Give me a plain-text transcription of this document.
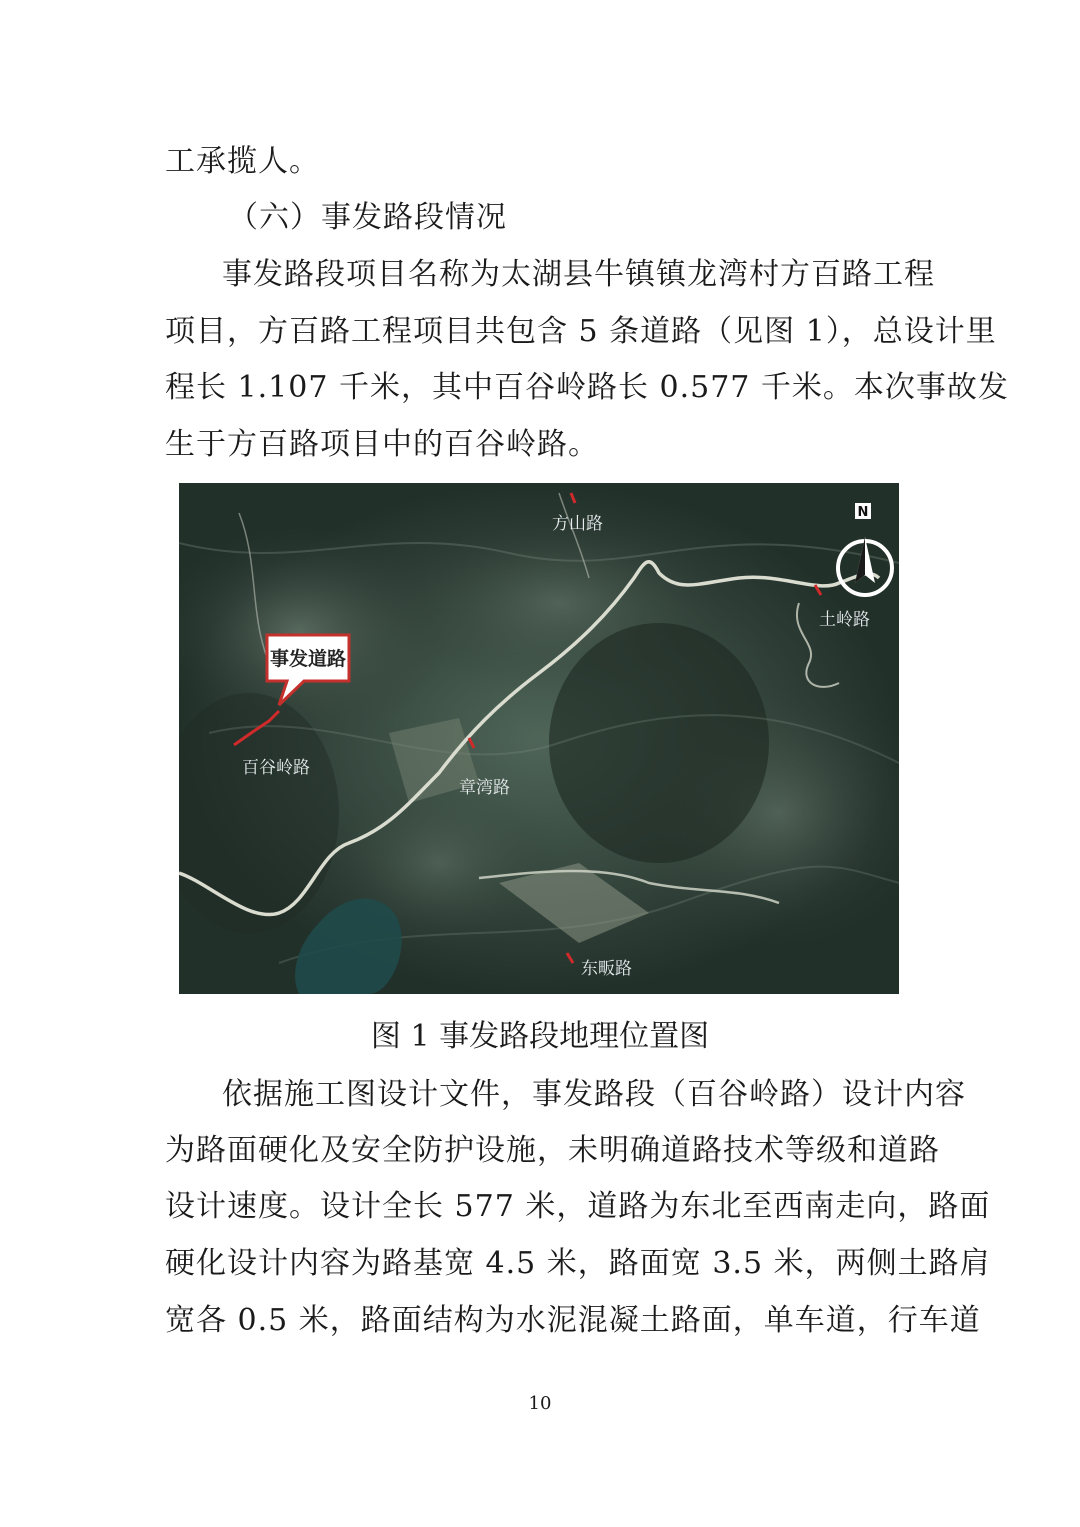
工承揽人。
（六）事发路段情况
事发路段项目名称为太湖县牛镇镇龙湾村方百路工程
项目，方百路工程项目共包含 5 条道路（见图 1），总设计里
程长 1.107 千米，其中百谷岭路长 0.577 千米。本次事故发
生于方百路项目中的百谷岭路。
事发道路
方山路
土岭路
百谷岭路
章湾路
东畈路
N
图 1 事发路段地理位置图
依据施工图设计文件，事发路段（百谷岭路）设计内容
为路面硬化及安全防护设施，未明确道路技术等级和道路
设计速度。设计全长 577 米，道路为东北至西南走向，路面
硬化设计内容为路基宽 4.5 米，路面宽 3.5 米，两侧土路肩
宽各 0.5 米，路面结构为水泥混凝土路面，单车道，行车道
10
